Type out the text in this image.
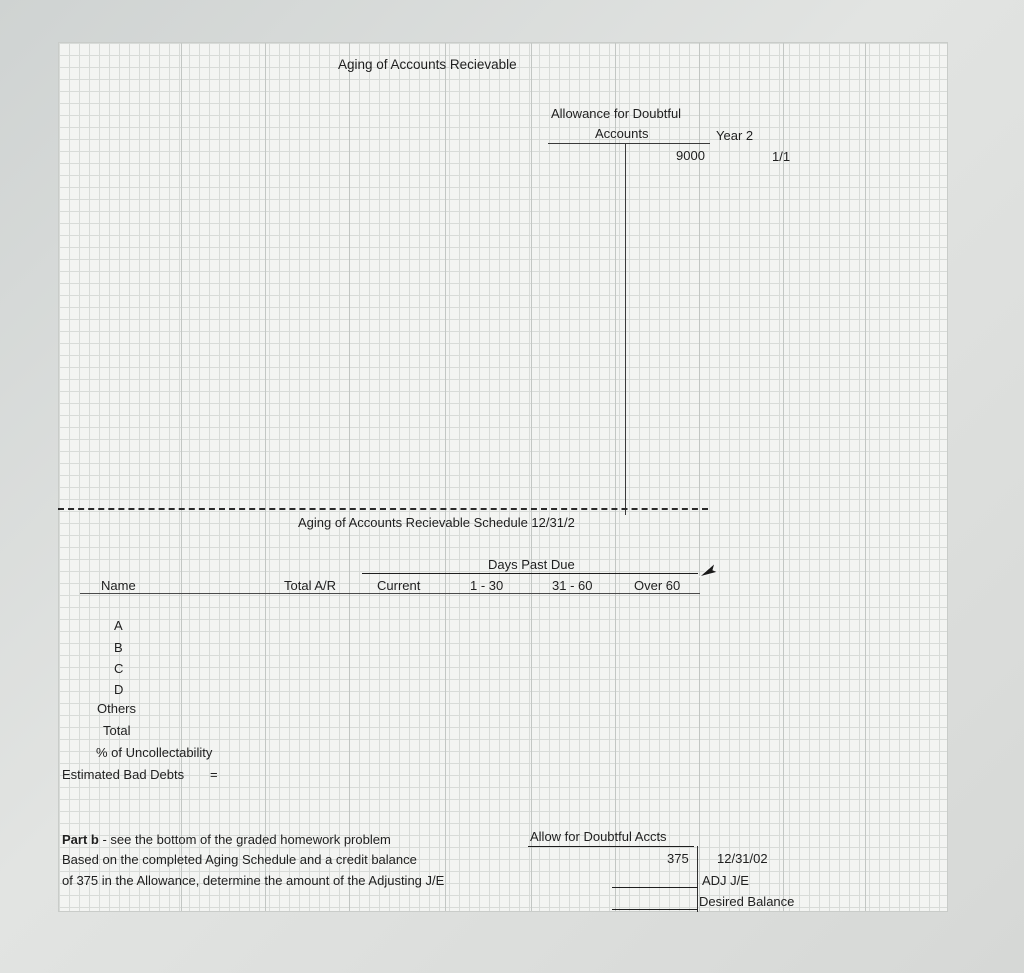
Aging of Accounts Recievable
Allowance for Doubtful
Accounts	Year 2
9000	1/1
Aging of Accounts Recievable Schedule 12/31/2
Days Past Due
Name	Total A/R	Current	1 - 30	31 - 60	Over 60
A
B
C
D
Others
Total
% of Uncollectability
Estimated Bad Debts =
Part b - see the bottom of the graded homework problem
Based on the completed Aging Schedule and a credit balance
of 375 in the Allowance, determine the amount of the Adjusting J/E
Allow for Doubtful Accts
375 12/31/02
ADJ J/E
Desired Balance
